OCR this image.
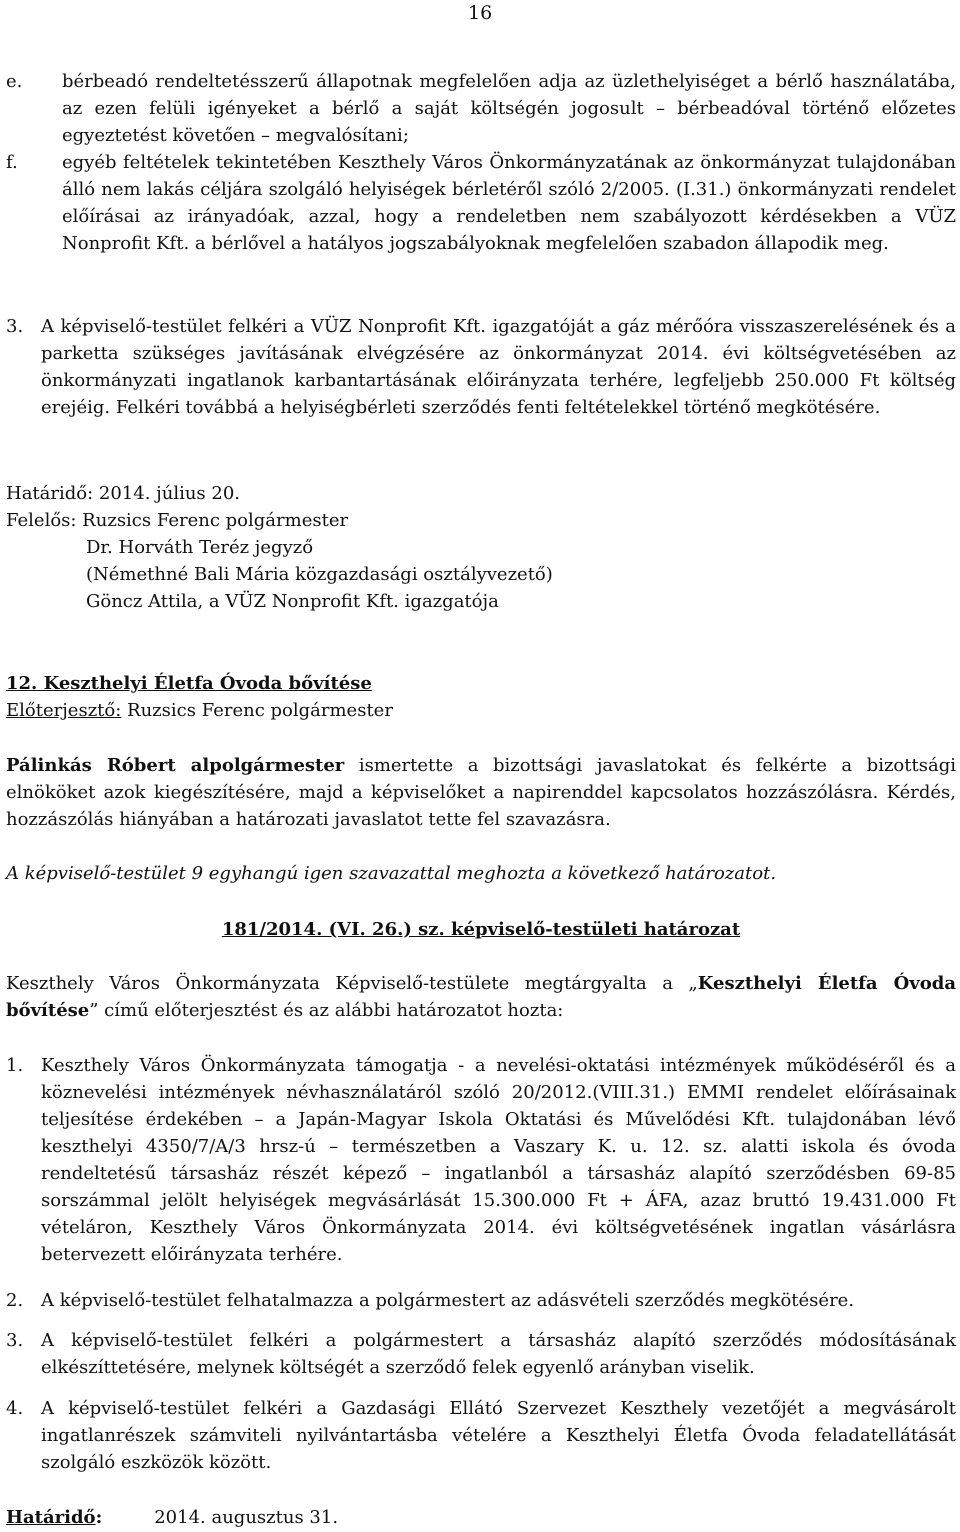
16

e. bérbeadó rendeltetésszerű állapotnak megfelelően adja az üzlethelyiséget a bérlő használatába, az ezen felüli igényeket a bérlő a saját költségén jogosult – bérbeadóval történő előzetes egyeztetést követően – megvalósítani;

f. egyéb feltételek tekintetében Keszthely Város Önkormányzatának az önkormányzat tulajdonában álló nem lakás céljára szolgáló helyiségek bérletéről szóló 2/2005. (I.31.) önkormányzati rendelet előírásai az irányadóak, azzal, hogy a rendeletben nem szabályozott kérdésekben a VÜZ Nonprofit Kft. a bérlővel a hatályos jogszabályoknak megfelelően szabadon állapodik meg.

3. A képviselő-testület felkéri a VÜZ Nonprofit Kft. igazgatóját a gáz mérőóra visszaszerelésének és a parketta szükséges javításának elvégzésére az önkormányzat 2014. évi költségvetésében az önkormányzati ingatlanok karbantartásának előirányzata terhére, legfeljebb 250.000 Ft költség erejéig. Felkéri továbbá a helyiségbérleti szerződés fenti feltételekkel történő megkötésére.

Határidő: 2014. július 20.
Felelős: Ruzsics Ferenc polgármester
Dr. Horváth Teréz jegyző
(Némethné Bali Mária közgazdasági osztályvezető)
Göncz Attila, a VÜZ Nonprofit Kft. igazgatója
12. Keszthelyi Életfa Óvoda bővítése
Előterjesztő: Ruzsics Ferenc polgármester

Pálinkás Róbert alpolgármester ismertette a bizottsági javaslatokat és felkérte a bizottsági elnököket azok kiegészítésére, majd a képviselőket a napirenddel kapcsolatos hozzászólásra. Kérdés, hozzászólás hiányában a határozati javaslatot tette fel szavazásra.

A képviselő-testület 9 egyhangú igen szavazattal meghozta a következő határozatot.

181/2014. (VI. 26.) sz. képviselő-testületi határozat

Keszthely Város Önkormányzata Képviselő-testülete megtárgyalta a „Keszthelyi Életfa Óvoda bővítése” című előterjesztést és az alábbi határozatot hozta:

1. Keszthely Város Önkormányzata támogatja - a nevelési-oktatási intézmények működéséről és a köznevelési intézmények névhasználatáról szóló 20/2012.(VIII.31.) EMMI rendelet előírásainak teljesítése érdekében – a Japán-Magyar Iskola Oktatási és Művelődési Kft. tulajdonában lévő keszthelyi 4350/7/A/3 hrsz-ú – természetben a Vaszary K. u. 12. sz. alatti iskola és óvoda rendeltetésű társasház részét képező – ingatlanból a társasház alapító szerződésben 69-85 sorszámmal jelölt helyiségek megvásárlását 15.300.000 Ft + ÁFA, azaz bruttó 19.431.000 Ft vételáron, Keszthely Város Önkormányzata 2014. évi költségvetésének ingatlan vásárlásra betervezett előirányzata terhére.

2. A képviselő-testület felhatalmazza a polgármestert az adásvételi szerződés megkötésére.

3. A képviselő-testület felkéri a polgármestert a társasház alapító szerződés módosításának elkészíttetésére, melynek költségét a szerződő felek egyenlő arányban viselik.

4. A képviselő-testület felkéri a Gazdasági Ellátó Szervezet Keszthely vezetőjét a megvásárolt ingatlanrészek számviteli nyilvántartásba vételére a Keszthelyi Életfa Óvoda feladatellátását szolgáló eszközök között.

Határidő:	2014. augusztus 31.
